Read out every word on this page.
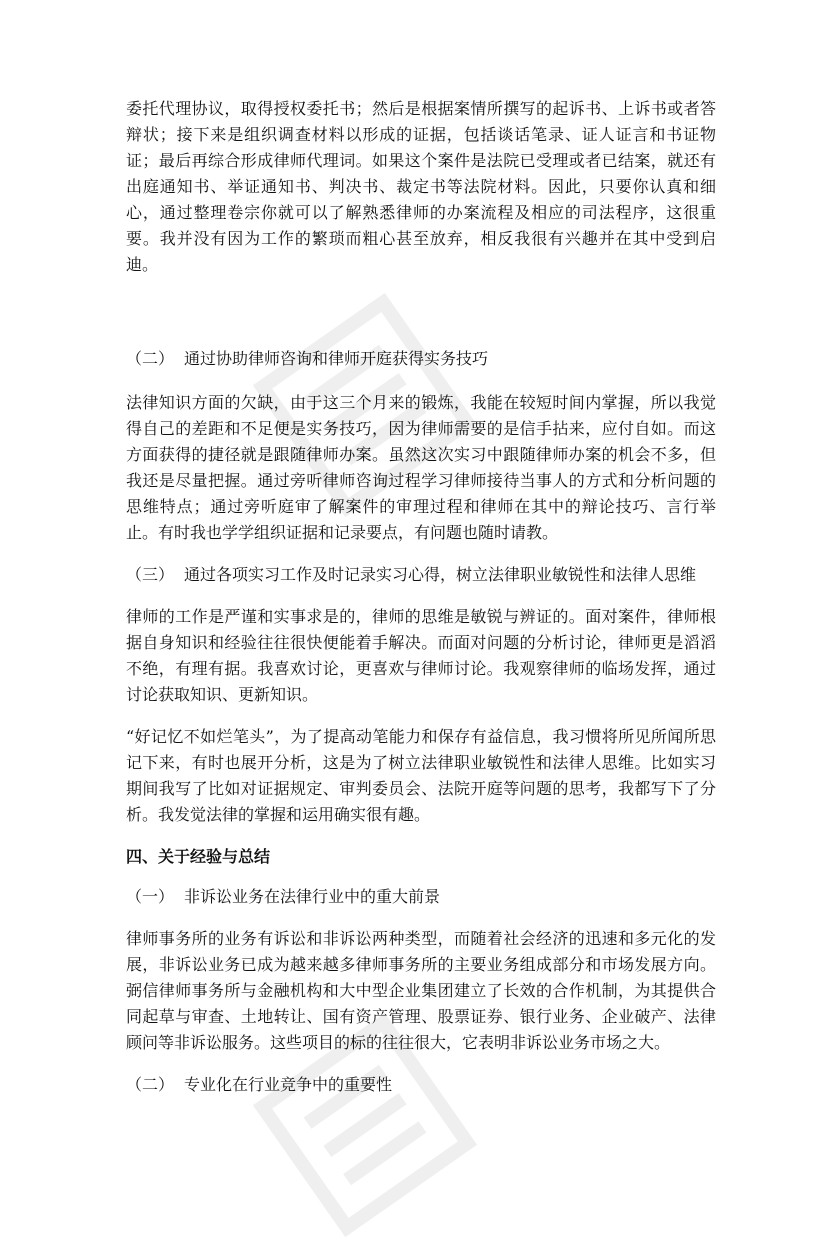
委托代理协议，取得授权委托书；然后是根据案情所撰写的起诉书、上诉书或者答辩状；接下来是组织调查材料以形成的证据，包括谈话笔录、证人证言和书证物证；最后再综合形成律师代理词。如果这个案件是法院已受理或者已结案，就还有出庭通知书、举证通知书、判决书、裁定书等法院材料。因此，只要你认真和细心，通过整理卷宗你就可以了解熟悉律师的办案流程及相应的司法程序，这很重要。我并没有因为工作的繁琐而粗心甚至放弃，相反我很有兴趣并在其中受到启迪。

（二） 通过协助律师咨询和律师开庭获得实务技巧

法律知识方面的欠缺，由于这三个月来的锻炼，我能在较短时间内掌握，所以我觉得自己的差距和不足便是实务技巧，因为律师需要的是信手拈来，应付自如。而这方面获得的捷径就是跟随律师办案。虽然这次实习中跟随律师办案的机会不多，但我还是尽量把握。通过旁听律师咨询过程学习律师接待当事人的方式和分析问题的思维特点；通过旁听庭审了解案件的审理过程和律师在其中的辩论技巧、言行举止。有时我也学学组织证据和记录要点，有问题也随时请教。

（三） 通过各项实习工作及时记录实习心得，树立法律职业敏锐性和法律人思维

律师的工作是严谨和实事求是的，律师的思维是敏锐与辨证的。面对案件，律师根据自身知识和经验往往很快便能着手解决。而面对问题的分析讨论，律师更是滔滔不绝，有理有据。我喜欢讨论，更喜欢与律师讨论。我观察律师的临场发挥，通过讨论获取知识、更新知识。

“好记忆不如烂笔头”，为了提高动笔能力和保存有益信息，我习惯将所见所闻所思记下来，有时也展开分析，这是为了树立法律职业敏锐性和法律人思维。比如实习期间我写了比如对证据规定、审判委员会、法院开庭等问题的思考，我都写下了分析。我发觉法律的掌握和运用确实很有趣。

四、关于经验与总结

（一） 非诉讼业务在法律行业中的重大前景

律师事务所的业务有诉讼和非诉讼两种类型，而随着社会经济的迅速和多元化的发展，非诉讼业务已成为越来越多律师事务所的主要业务组成部分和市场发展方向。弼信律师事务所与金融机构和大中型企业集团建立了长效的合作机制，为其提供合同起草与审查、土地转让、国有资产管理、股票证券、银行业务、企业破产、法律顾问等非诉讼服务。这些项目的标的往往很大，它表明非诉讼业务市场之大。

（二） 专业化在行业竞争中的重要性
